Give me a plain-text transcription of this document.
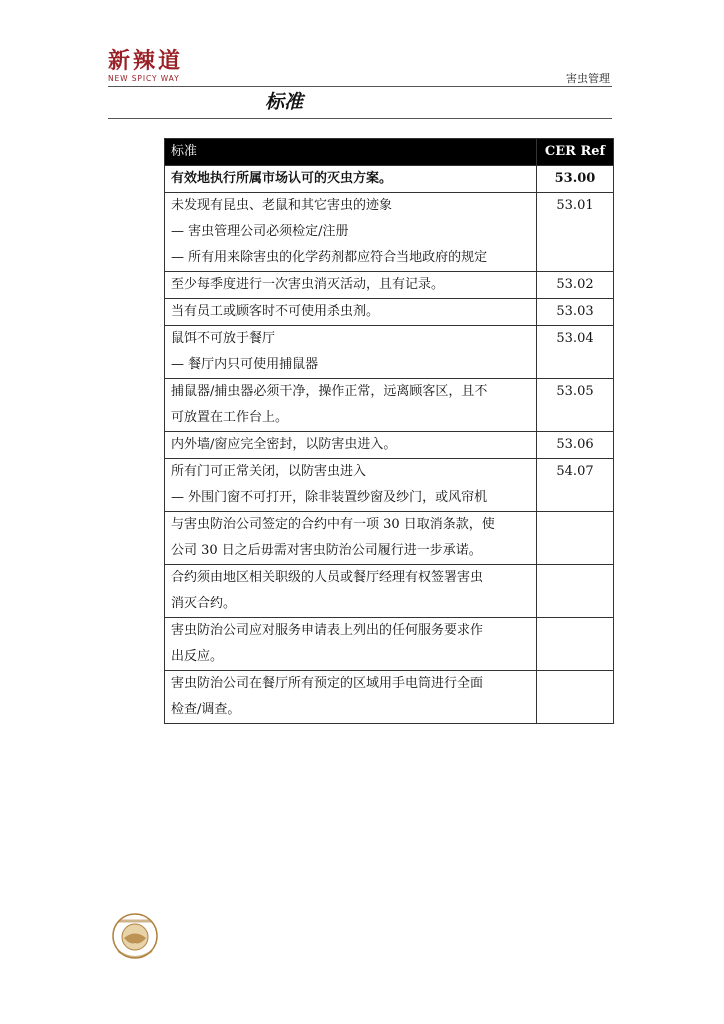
新辣道
NEW SPICY WAY	害虫管理
标准
标准	CER Ref

有效地执行所属市场认可的灭虫方案。	53.00

未发现有昆虫、老鼠和其它害虫的迹象
— 害虫管理公司必须检定/注册
— 所有用来除害虫的化学药剂都应符合当地政府的规定	53.01

至少每季度进行一次害虫消灭活动，且有记录。	53.02

当有员工或顾客时不可使用杀虫剂。	53.03

鼠饵不可放于餐厅
— 餐厅内只可使用捕鼠器	53.04

捕鼠器/捕虫器必须干净，操作正常，远离顾客区，且不
可放置在工作台上。	53.05

内外墙/窗应完全密封，以防害虫进入。	53.06

所有门可正常关闭，以防害虫进入
— 外围门窗不可打开，除非装置纱窗及纱门，或风帘机	54.07

与害虫防治公司签定的合约中有一项 30 日取消条款，使
公司 30 日之后毋需对害虫防治公司履行进一步承诺。	

合约须由地区相关职级的人员或餐厅经理有权签署害虫
消灭合约。	

害虫防治公司应对服务申请表上列出的任何服务要求作
出反应。	

害虫防治公司在餐厅所有预定的区域用手电筒进行全面
检查/调查。	
